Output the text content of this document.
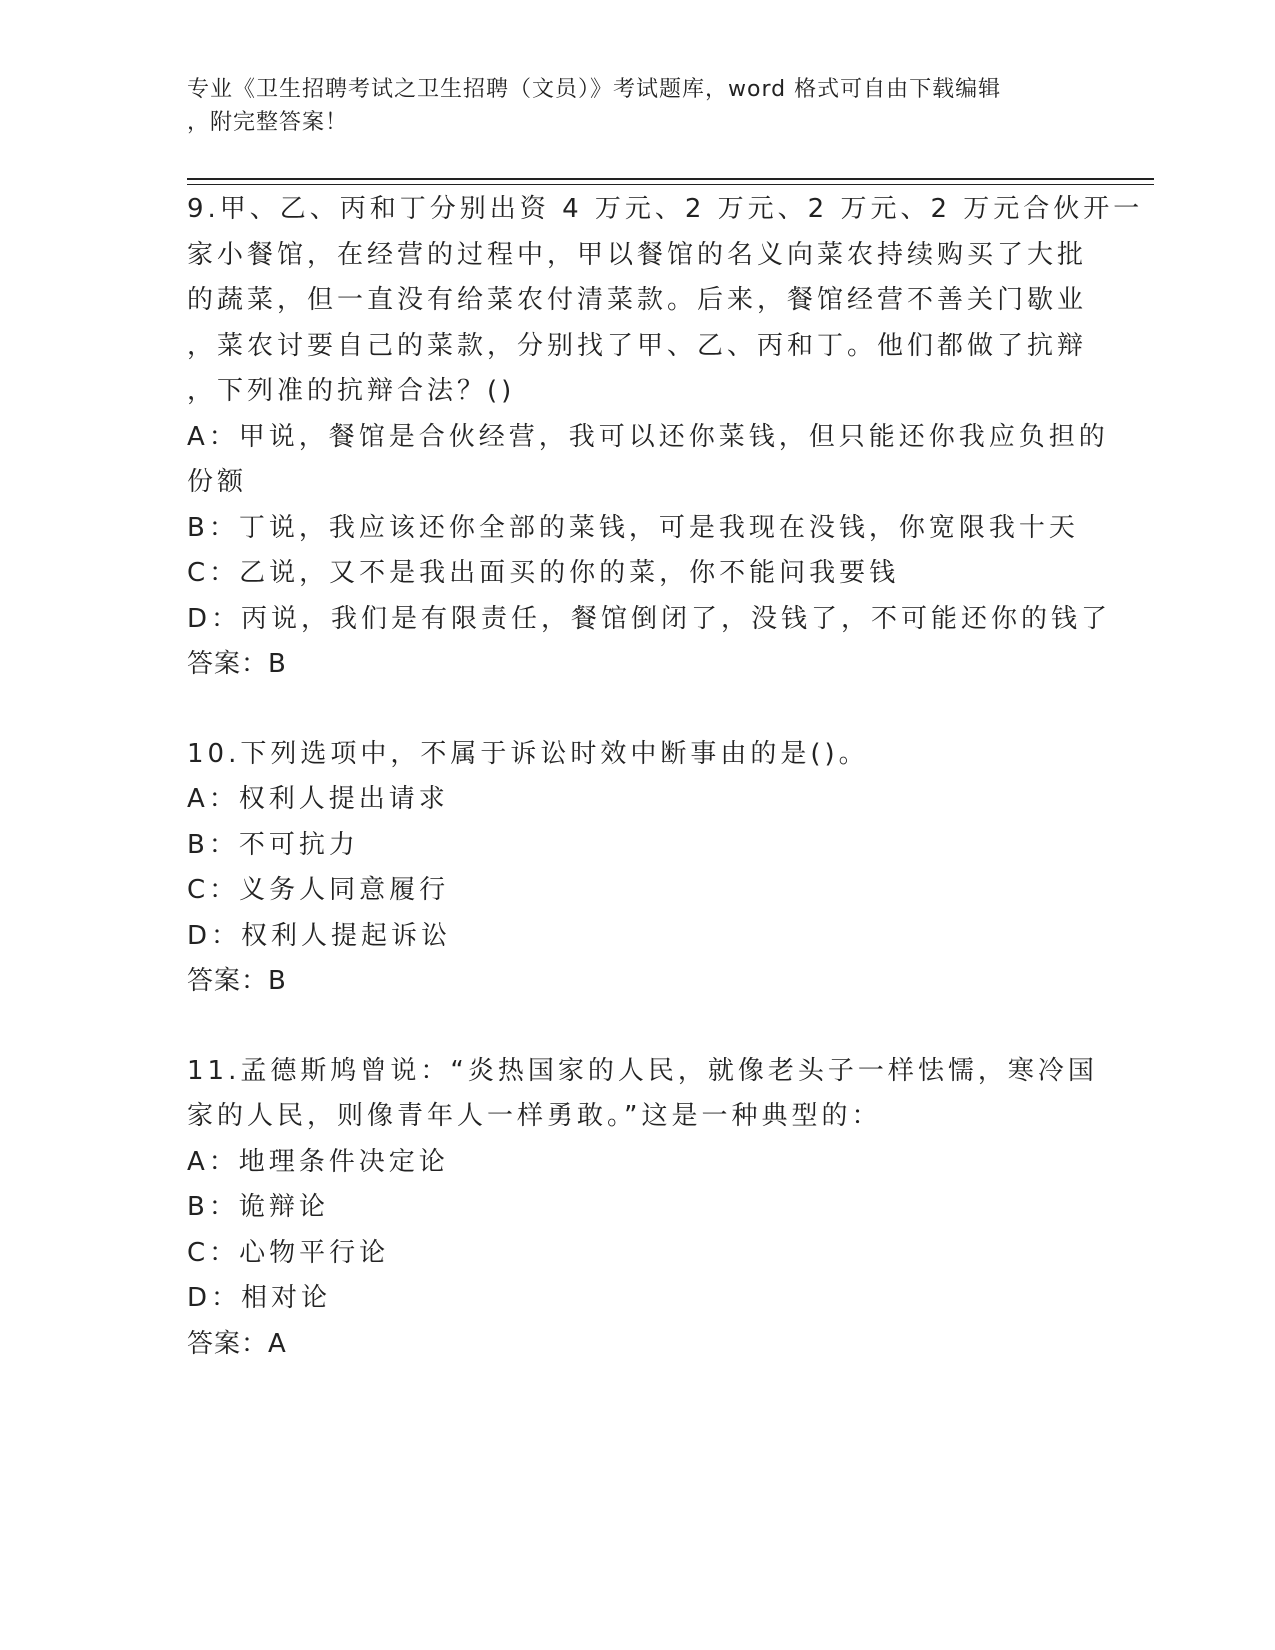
专业《卫生招聘考试之卫生招聘（文员）》考试题库，word 格式可自由下载编辑
，附完整答案！
9.甲、乙、丙和丁分别出资 4 万元、2 万元、2 万元、2 万元合伙开一
家小餐馆，在经营的过程中，甲以餐馆的名义向菜农持续购买了大批
的蔬菜，但一直没有给菜农付清菜款。后来，餐馆经营不善关门歇业
，菜农讨要自己的菜款，分别找了甲、乙、丙和丁。他们都做了抗辩
，下列准的抗辩合法？()
A：甲说，餐馆是合伙经营，我可以还你菜钱，但只能还你我应负担的
份额
B：丁说，我应该还你全部的菜钱，可是我现在没钱，你宽限我十天
C：乙说，又不是我出面买的你的菜，你不能问我要钱
D：丙说，我们是有限责任，餐馆倒闭了，没钱了，不可能还你的钱了
答案：B
10.下列选项中，不属于诉讼时效中断事由的是()。
A：权利人提出请求
B：不可抗力
C：义务人同意履行
D：权利人提起诉讼
答案：B
11.孟德斯鸠曾说：“炎热国家的人民，就像老头子一样怯懦，寒冷国
家的人民，则像青年人一样勇敢。”这是一种典型的：
A：地理条件决定论
B：诡辩论
C：心物平行论
D：相对论
答案：A
